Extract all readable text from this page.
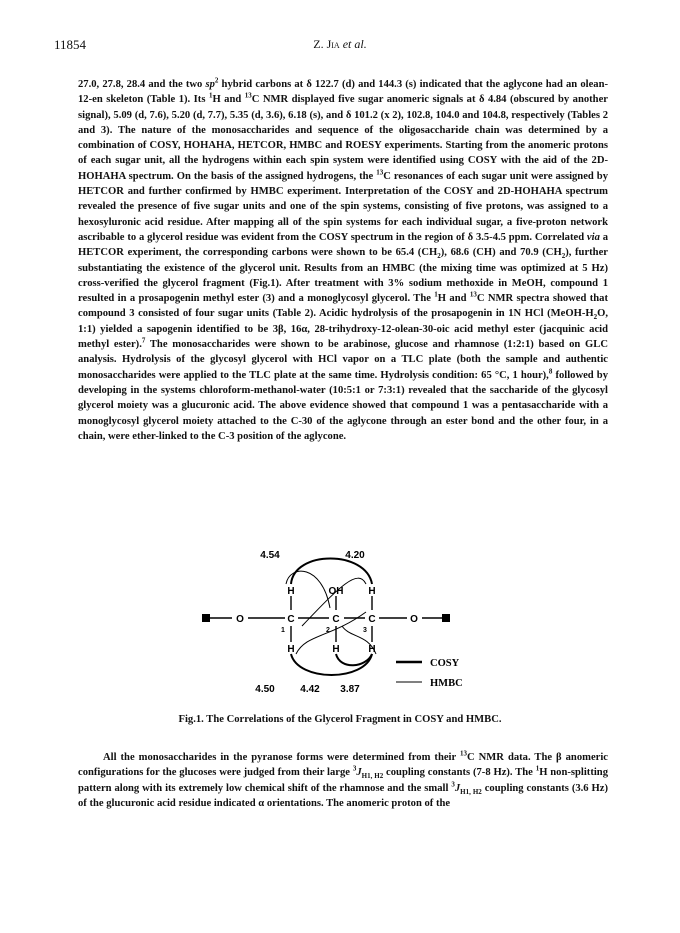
11854	Z. Jia et al.

27.0, 27.8, 28.4 and the two $sp^2$ hybrid carbons at δ 122.7 (d) and 144.3 (s) indicated that the aglycone had an olean-12-en skeleton (Table 1). Its $^1$H and $^{13}$C NMR displayed five sugar anomeric signals at δ 4.84 (obscured by another signal), 5.09 (d, 7.6), 5.20 (d, 7.7), 5.35 (d, 3.6), 6.18 (s), and δ 101.2 (x 2), 102.8, 104.0 and 104.8, respectively (Tables 2 and 3). The nature of the monosaccharides and sequence of the oligosaccharide chain was determined by a combination of COSY, HOHAHA, HETCOR, HMBC and ROESY experiments. Starting from the anomeric protons of each sugar unit, all the hydrogens within each spin system were identified using COSY with the aid of the 2D-HOHAHA spectrum. On the basis of the assigned hydrogens, the $^{13}$C resonances of each sugar unit were assigned by HETCOR and further confirmed by HMBC experiment. Interpretation of the COSY and 2D-HOHAHA spectrum revealed the presence of five sugar units and one of the spin systems, consisting of five protons, was assigned to a hexosyluronic acid residue. After mapping all of the spin systems for each individual sugar, a five-proton network ascribable to a glycerol residue was evident from the COSY spectrum in the region of δ 3.5-4.5 ppm. Correlated via a HETCOR experiment, the corresponding carbons were shown to be 65.4 $(CH_2)$, 68.6 (CH) and 70.9 $(CH_2)$, further substantiating the existence of the glycerol unit. Results from an HMBC (the mixing time was optimized at 5 Hz) cross-verified the glycerol fragment (Fig.1). After treatment with 3% sodium methoxide in MeOH, compound 1 resulted in a prosapogenin methyl ester (3) and a monoglycosyl glycerol. The $^1$H and $^{13}$C NMR spectra showed that compound 3 consisted of four sugar units (Table 2). Acidic hydrolysis of the prosapogenin in 1N HCl ($MeOH-H_2O$, 1:1) yielded a sapogenin identified to be 3β, 16α, 28-trihydroxy-12-olean-30-oic acid methyl ester (jacquinic acid methyl ester).$^7$ The monosaccharides were shown to be arabinose, glucose and rhamnose (1:2:1) based on GLC analysis. Hydrolysis of the glycosyl glycerol with HCl vapor on a TLC plate (both the sample and authentic monosaccharides were applied to the TLC plate at the same time. Hydrolysis condition: 65 °C, 1 hour),$^8$ followed by developing in the systems chloroform-methanol-water (10:5:1 or 7:3:1) revealed that the saccharide of the glycosyl glycerol moiety was a glucuronic acid. The above evidence showed that compound 1 was a pentasaccharide with a monoglycosyl glycerol moiety attached to the C-30 of the aglycone through an ester bond and the other four, in a chain, were ether-linked to the C-3 position of the aglycone.

4.54	4.20
H	OH H
O	C	C	C	O
H	H	H
4.50	4.42 3.87
1	2	3
COSY
HMBC
Fig.1. The Correlations of the Glycerol Fragment in COSY and HMBC.

All the monosaccharides in the pyranose forms were determined from their $^{13}$C NMR data. The β anomeric configurations for the glucoses were judged from their large $^3J_{H1, H2}$ coupling constants (7-8 Hz). The $^1$H non-splitting pattern along with its extremely low chemical shift of the rhamnose and the small $^3J_{H1, H2}$ coupling constants (3.6 Hz) of the glucuronic acid residue indicated α orientations. The anomeric proton of the
